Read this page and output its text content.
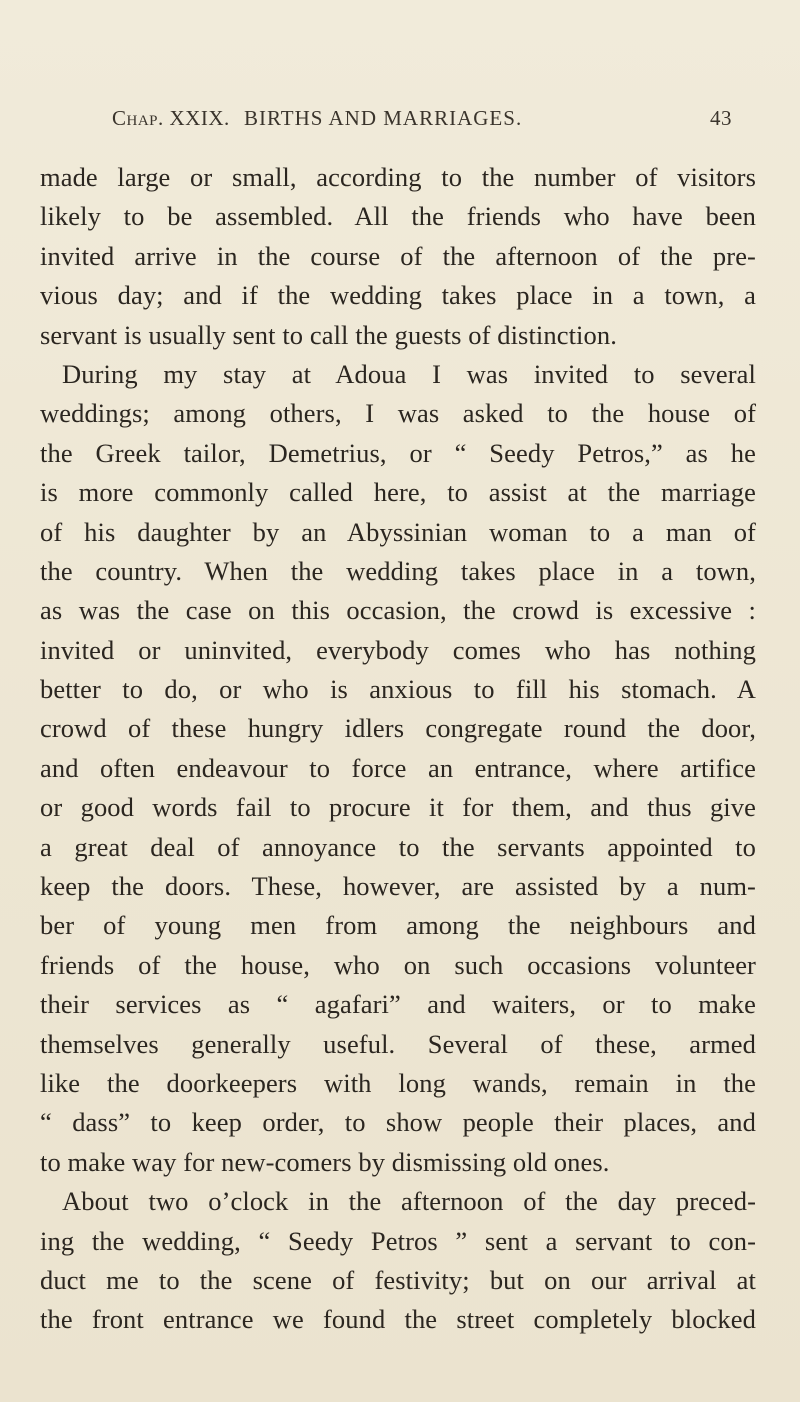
Chap. XXIX. BIRTHS AND MARRIAGES.	43
made large or small, according to the number of visitors
likely to be assembled. All the friends who have been
invited arrive in the course of the afternoon of the pre-
vious day; and if the wedding takes place in a town, a
servant is usually sent to call the guests of distinction.
During my stay at Adoua I was invited to several
weddings; among others, I was asked to the house of
the Greek tailor, Demetrius, or “ Seedy Petros,” as he
is more commonly called here, to assist at the marriage
of his daughter by an Abyssinian woman to a man of
the country. When the wedding takes place in a town,
as was the case on this occasion, the crowd is excessive :
invited or uninvited, everybody comes who has nothing
better to do, or who is anxious to fill his stomach. A
crowd of these hungry idlers congregate round the door,
and often endeavour to force an entrance, where artifice
or good words fail to procure it for them, and thus give
a great deal of annoyance to the servants appointed to
keep the doors. These, however, are assisted by a num-
ber of young men from among the neighbours and
friends of the house, who on such occasions volunteer
their services as “ agafari” and waiters, or to make
themselves generally useful. Several of these, armed
like the doorkeepers with long wands, remain in the
“ dass” to keep order, to show people their places, and
to make way for new-comers by dismissing old ones.
About two o’clock in the afternoon of the day preced-
ing the wedding, “ Seedy Petros ” sent a servant to con-
duct me to the scene of festivity; but on our arrival at
the front entrance we found the street completely blocked
